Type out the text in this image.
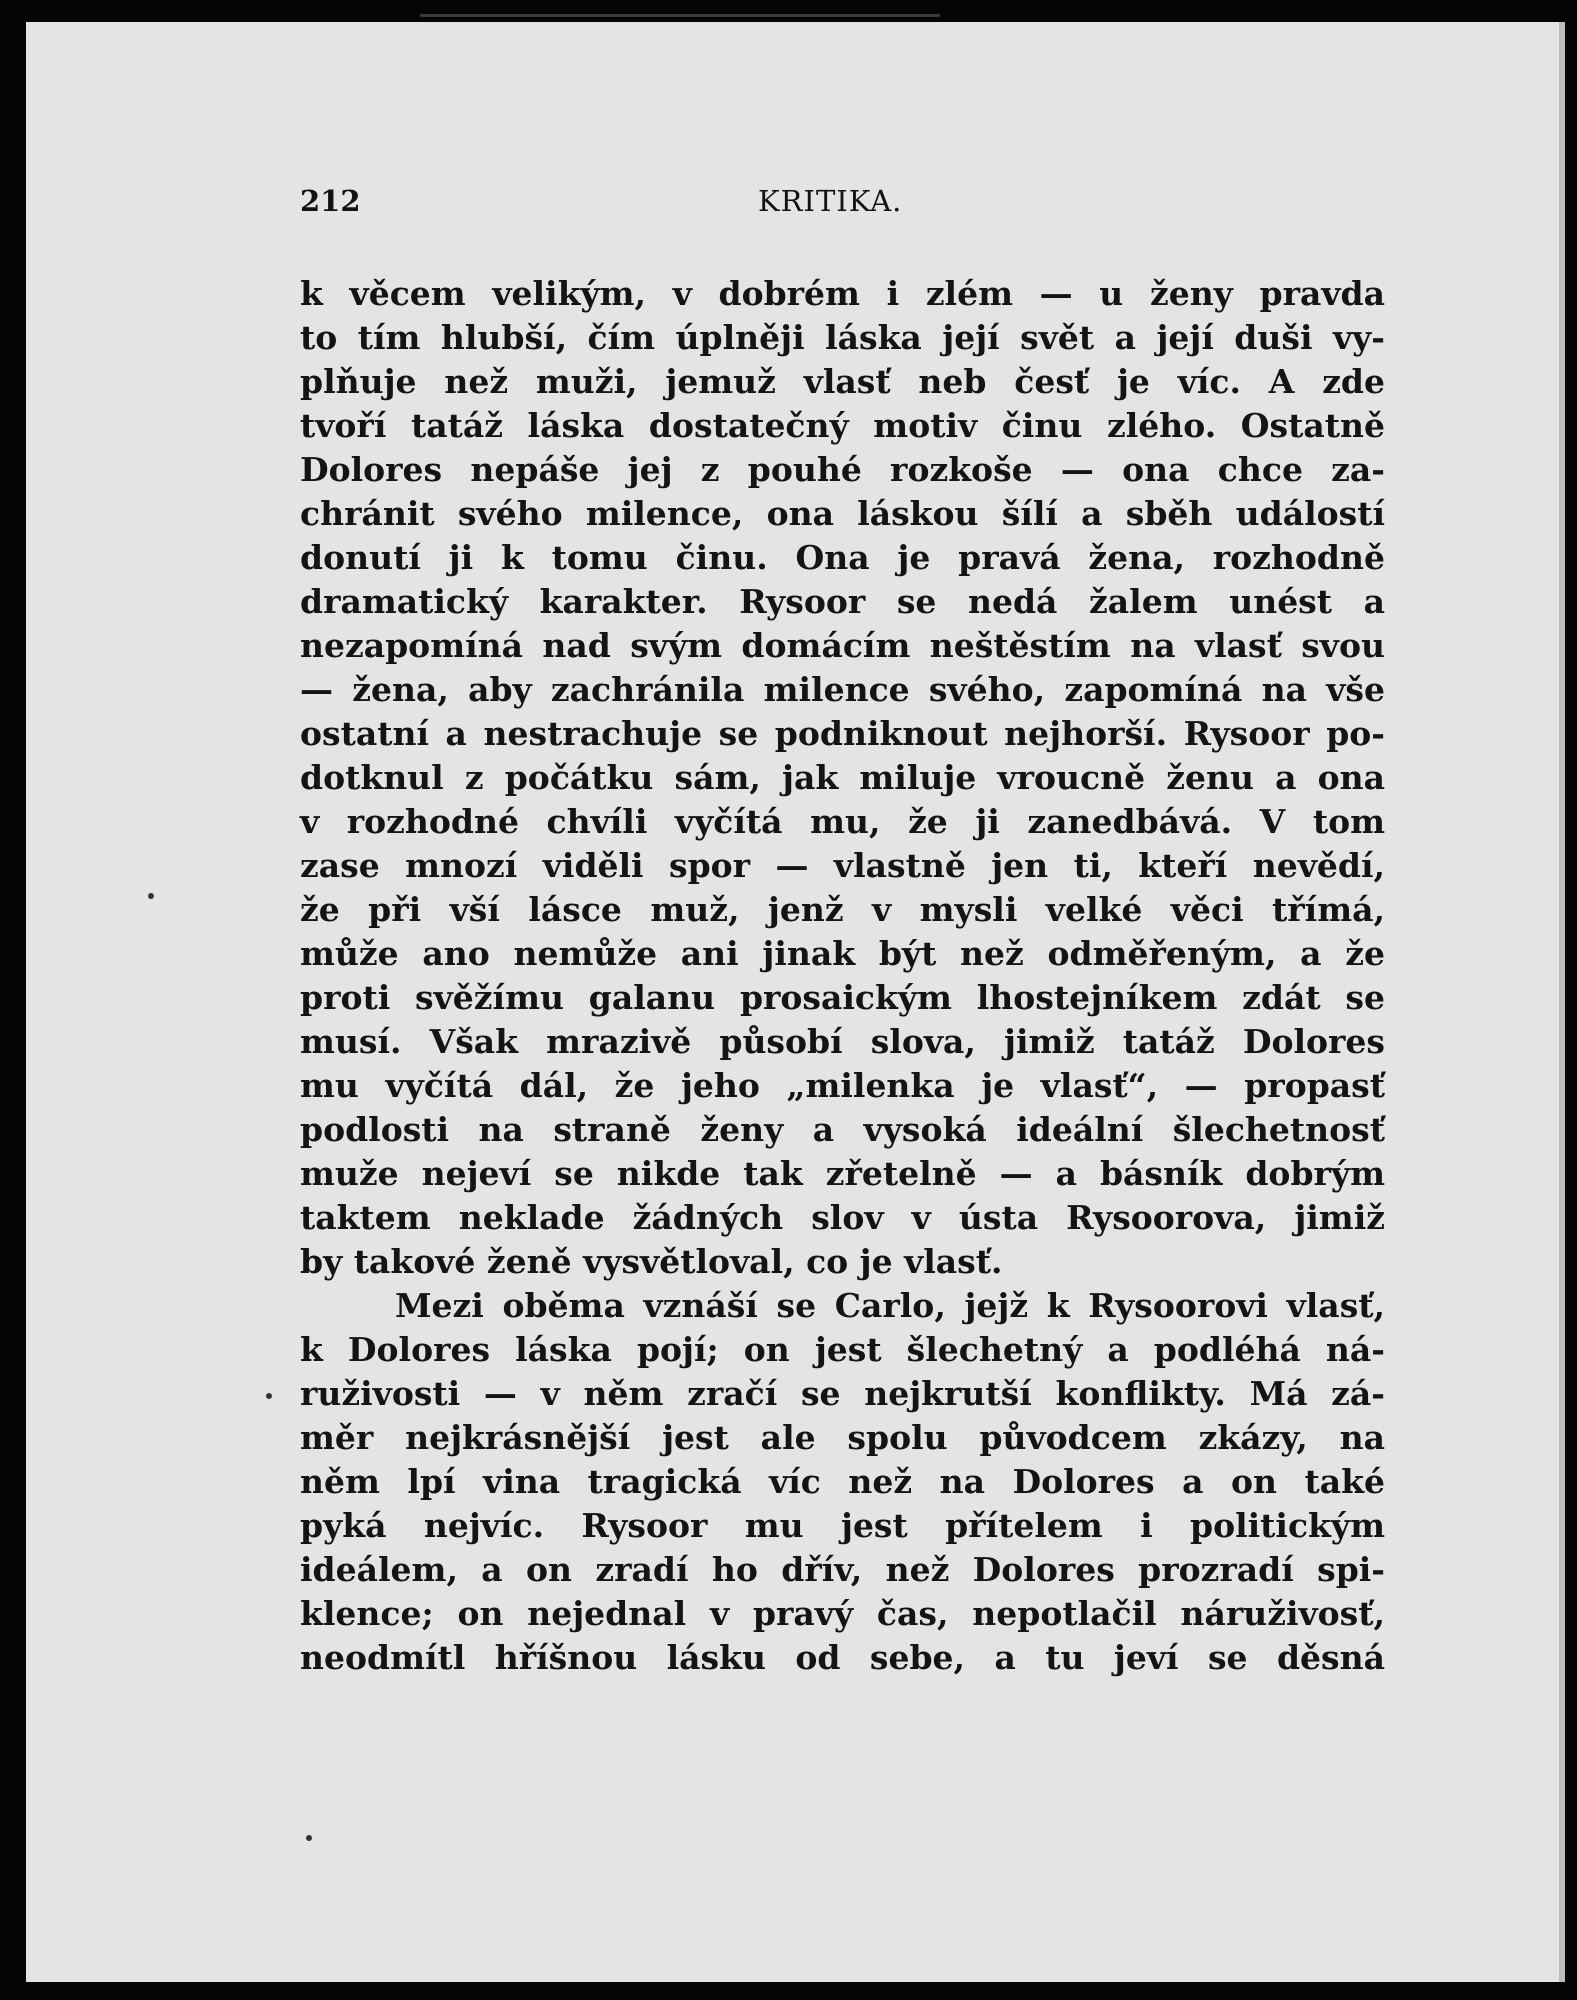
212	KRITIKA.
k věcem velikým, v dobrém i zlém — u ženy pravda
to tím hlubší, čím úplněji láska její svět a její duši vy-
plňuje než muži, jemuž vlasť neb česť je víc. A zde
tvoří tatáž láska dostatečný motiv činu zlého. Ostatně
Dolores nepáše jej z pouhé rozkoše — ona chce za-
chránit svého milence, ona láskou šílí a sběh událostí
donutí ji k tomu činu. Ona je pravá žena, rozhodně
dramatický karakter. Rysoor se nedá žalem unést a
nezapomíná nad svým domácím neštěstím na vlasť svou
— žena, aby zachránila milence svého, zapomíná na vše
ostatní a nestrachuje se podniknout nejhorší. Rysoor po-
dotknul z počátku sám, jak miluje vroucně ženu a ona
v rozhodné chvíli vyčítá mu, že ji zanedbává. V tom
zase mnozí viděli spor — vlastně jen ti, kteří nevědí,
že při vší lásce muž, jenž v mysli velké věci třímá,
může ano nemůže ani jinak být než odměřeným, a že
proti svěžímu galanu prosaickým lhostejníkem zdát se
musí. Však mrazivě působí slova, jimiž tatáž Dolores
mu vyčítá dál, že jeho „milenka je vlasť“, — propasť
podlosti na straně ženy a vysoká ideální šlechetnosť
muže nejeví se nikde tak zřetelně — a básník dobrým
taktem neklade žádných slov v ústa Rysoorova, jimiž
by takové ženě vysvětloval, co je vlasť.
Mezi oběma vznáší se Carlo, jejž k Rysoorovi vlasť,
k Dolores láska pojí; on jest šlechetný a podléhá ná-
ruživosti — v něm zračí se nejkrutší konflikty. Má zá-
měr nejkrásnější jest ale spolu původcem zkázy, na
něm lpí vina tragická víc než na Dolores a on také
pyká nejvíc. Rysoor mu jest přítelem i politickým
ideálem, a on zradí ho dřív, než Dolores prozradí spi-
klence; on nejednal v pravý čas, nepotlačil náruživosť,
neodmítl hříšnou lásku od sebe, a tu jeví se děsná
